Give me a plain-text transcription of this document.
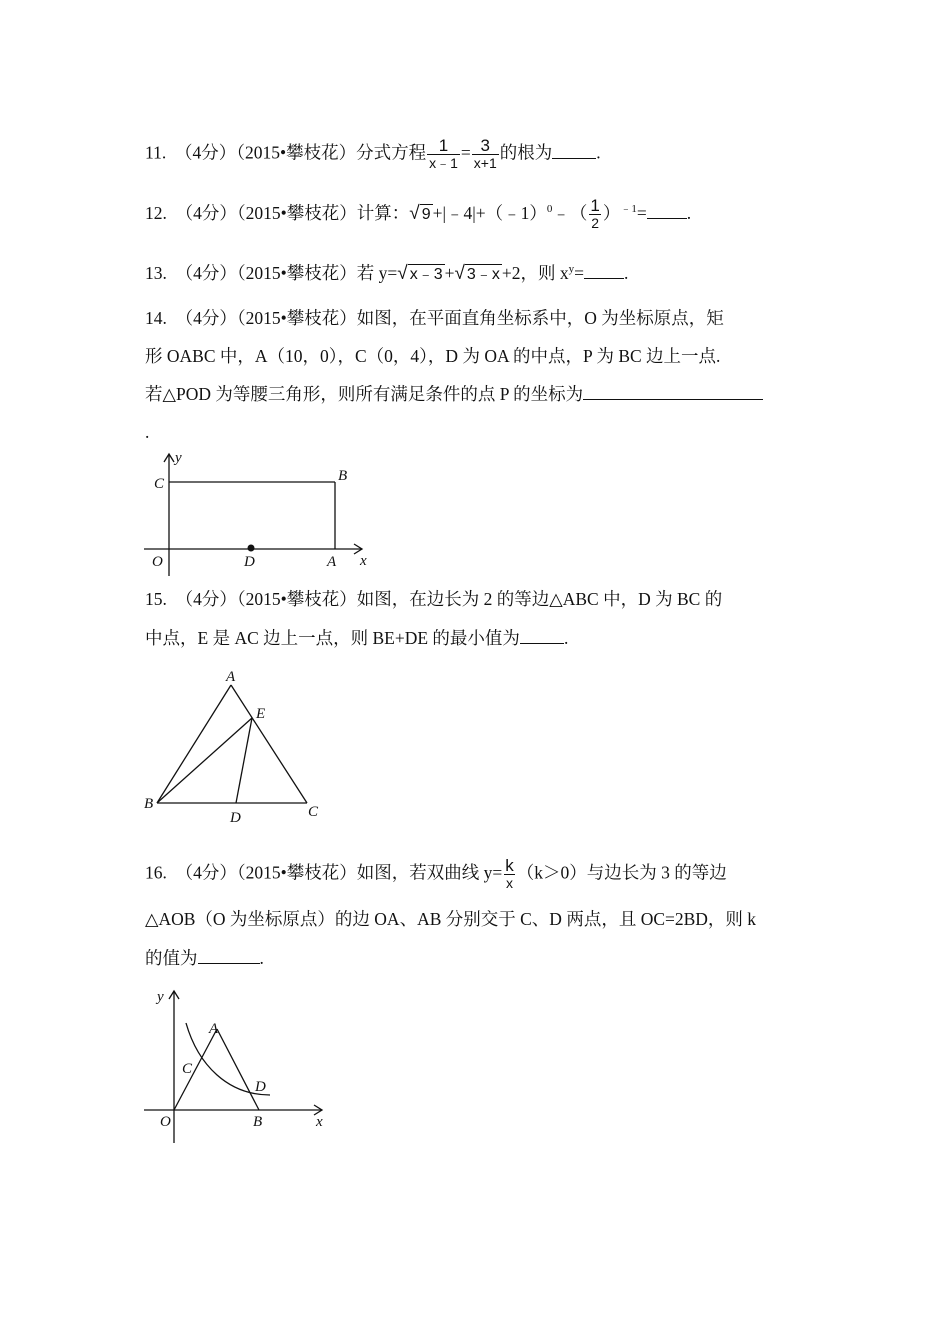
11. （4分）（2015•攀枝花）分式方程 $\frac{1}{x﹣1} = \frac{3}{x+1}$ 的根为	.
12. （4分）（2015•攀枝花）计算： √ 9 +|﹣4|+（﹣1）$^0$﹣（ $\frac{1}{2} )^{﹣1}=$ .
13. （4分）（2015•攀枝花）若 y= √ x﹣3 + √ 3﹣x +2，则 $x^y=$ .
14. （4分）（2015•攀枝花）如图，在平面直角坐标系中，O 为坐标原点，矩
形 OABC 中，A（10，0），C（0，4），D 为 OA 的中点，P 为 BC 边上一点.
若△POD 为等腰三角形，则所有满足条件的点 P 的坐标为
.
y
x
C	B
O	D	A
15. （4分）（2015•攀枝花）如图，在边长为 2 的等边△ABC 中，D 为 BC 的
中点，E 是 AC 边上一点，则 BE+DE 的最小值为	.
A
E
B
D	C
16. （4分）（2015•攀枝花）如图，若双曲线 $y= \frac{k}{x} (k>0)$与边长为 3 的等边
△AOB（O 为坐标原点）的边 OA、AB 分别交于 C、D 两点，且 OC=2BD，则 k
的值为	.
y
x
A
C
D
O	B
